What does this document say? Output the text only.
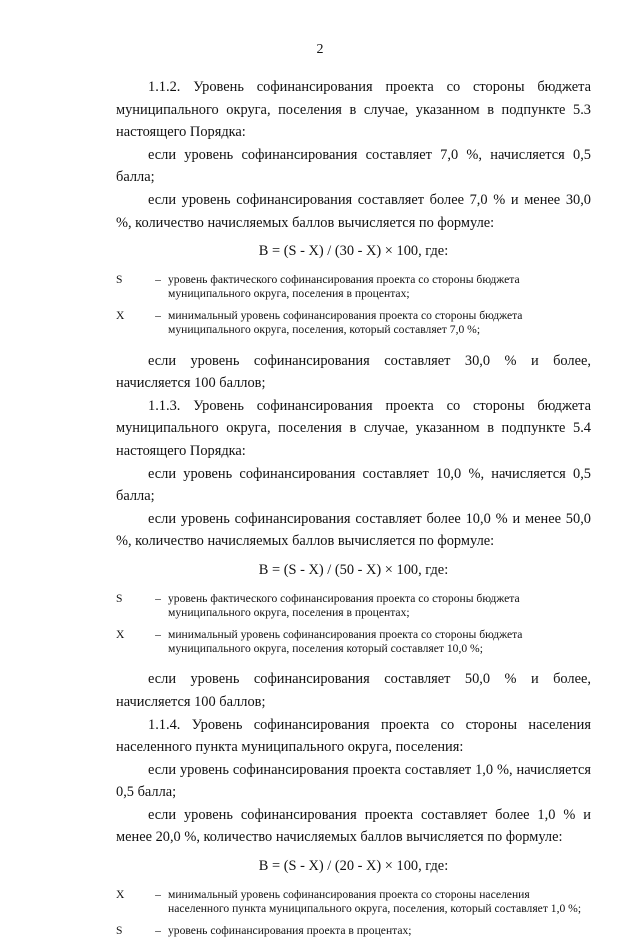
2

1.1.2. Уровень софинансирования проекта со стороны бюджета муниципального округа, поселения в случае, указанном в подпункте 5.3 настоящего Порядка:

если уровень софинансирования составляет 7,0 %, начисляется 0,5 балла;

если уровень софинансирования составляет более 7,0 % и менее 30,0 %, количество начисляемых баллов вычисляется по формуле:

В = (S - X) / (30 - X) × 100, где:

S	– уровень фактического софинансирования проекта со стороны бюджета муниципального округа, поселения в процентах;
X	– минимальный уровень софинансирования проекта со стороны бюджета муниципального округа, поселения, который составляет 7,0 %;

если уровень софинансирования составляет 30,0 % и более, начисляется 100 баллов;

1.1.3. Уровень софинансирования проекта со стороны бюджета муниципального округа, поселения в случае, указанном в подпункте 5.4 настоящего Порядка:

если уровень софинансирования составляет 10,0 %, начисляется 0,5 балла;

если уровень софинансирования составляет более 10,0 % и менее 50,0 %, количество начисляемых баллов вычисляется по формуле:

В = (S - X) / (50 - X) × 100, где:

S	– уровень фактического софинансирования проекта со стороны бюджета муниципального округа, поселения в процентах;
X	– минимальный уровень софинансирования проекта со стороны бюджета муниципального округа, поселения который составляет 10,0 %;

если уровень софинансирования составляет 50,0 % и более, начисляется 100 баллов;

1.1.4. Уровень софинансирования проекта со стороны населения населенного пункта муниципального округа, поселения:

если уровень софинансирования проекта составляет 1,0 %, начисляется 0,5 балла;

если уровень софинансирования проекта составляет более 1,0 % и менее 20,0 %, количество начисляемых баллов вычисляется по формуле:

В = (S - X) / (20 - X) × 100, где:

X	– минимальный уровень софинансирования проекта со стороны населения населенного пункта муниципального округа, поселения, который составляет 1,0 %;
S	– уровень софинансирования проекта в процентах;
